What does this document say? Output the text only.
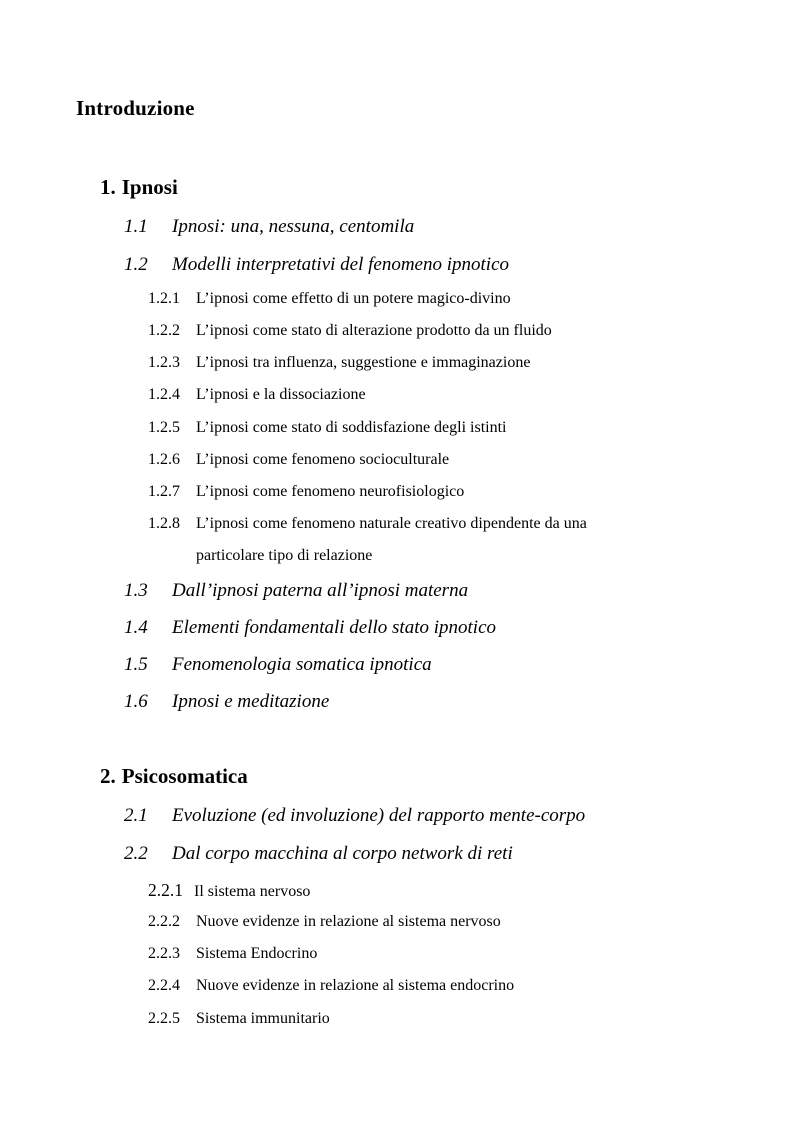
Introduzione
1. Ipnosi
1.1 Ipnosi: una, nessuna, centomila
1.2 Modelli interpretativi del fenomeno ipnotico
1.2.1 L’ipnosi come effetto di un potere magico-divino
1.2.2 L’ipnosi come stato di alterazione prodotto da un fluido
1.2.3 L’ipnosi tra influenza, suggestione e immaginazione
1.2.4 L’ipnosi e la dissociazione
1.2.5 L’ipnosi come stato di soddisfazione degli istinti
1.2.6 L’ipnosi come fenomeno socioculturale
1.2.7 L’ipnosi come fenomeno neurofisiologico
1.2.8 L’ipnosi come fenomeno naturale creativo dipendente da una
particolare tipo di relazione
1.3 Dall’ipnosi paterna all’ipnosi materna
1.4 Elementi fondamentali dello stato ipnotico
1.5 Fenomenologia somatica ipnotica
1.6 Ipnosi e meditazione
2. Psicosomatica
2.1 Evoluzione (ed involuzione) del rapporto mente-corpo
2.2 Dal corpo macchina al corpo network di reti
2.2.1 Il sistema nervoso
2.2.2 Nuove evidenze in relazione al sistema nervoso
2.2.3 Sistema Endocrino
2.2.4 Nuove evidenze in relazione al sistema endocrino
2.2.5 Sistema immunitario
